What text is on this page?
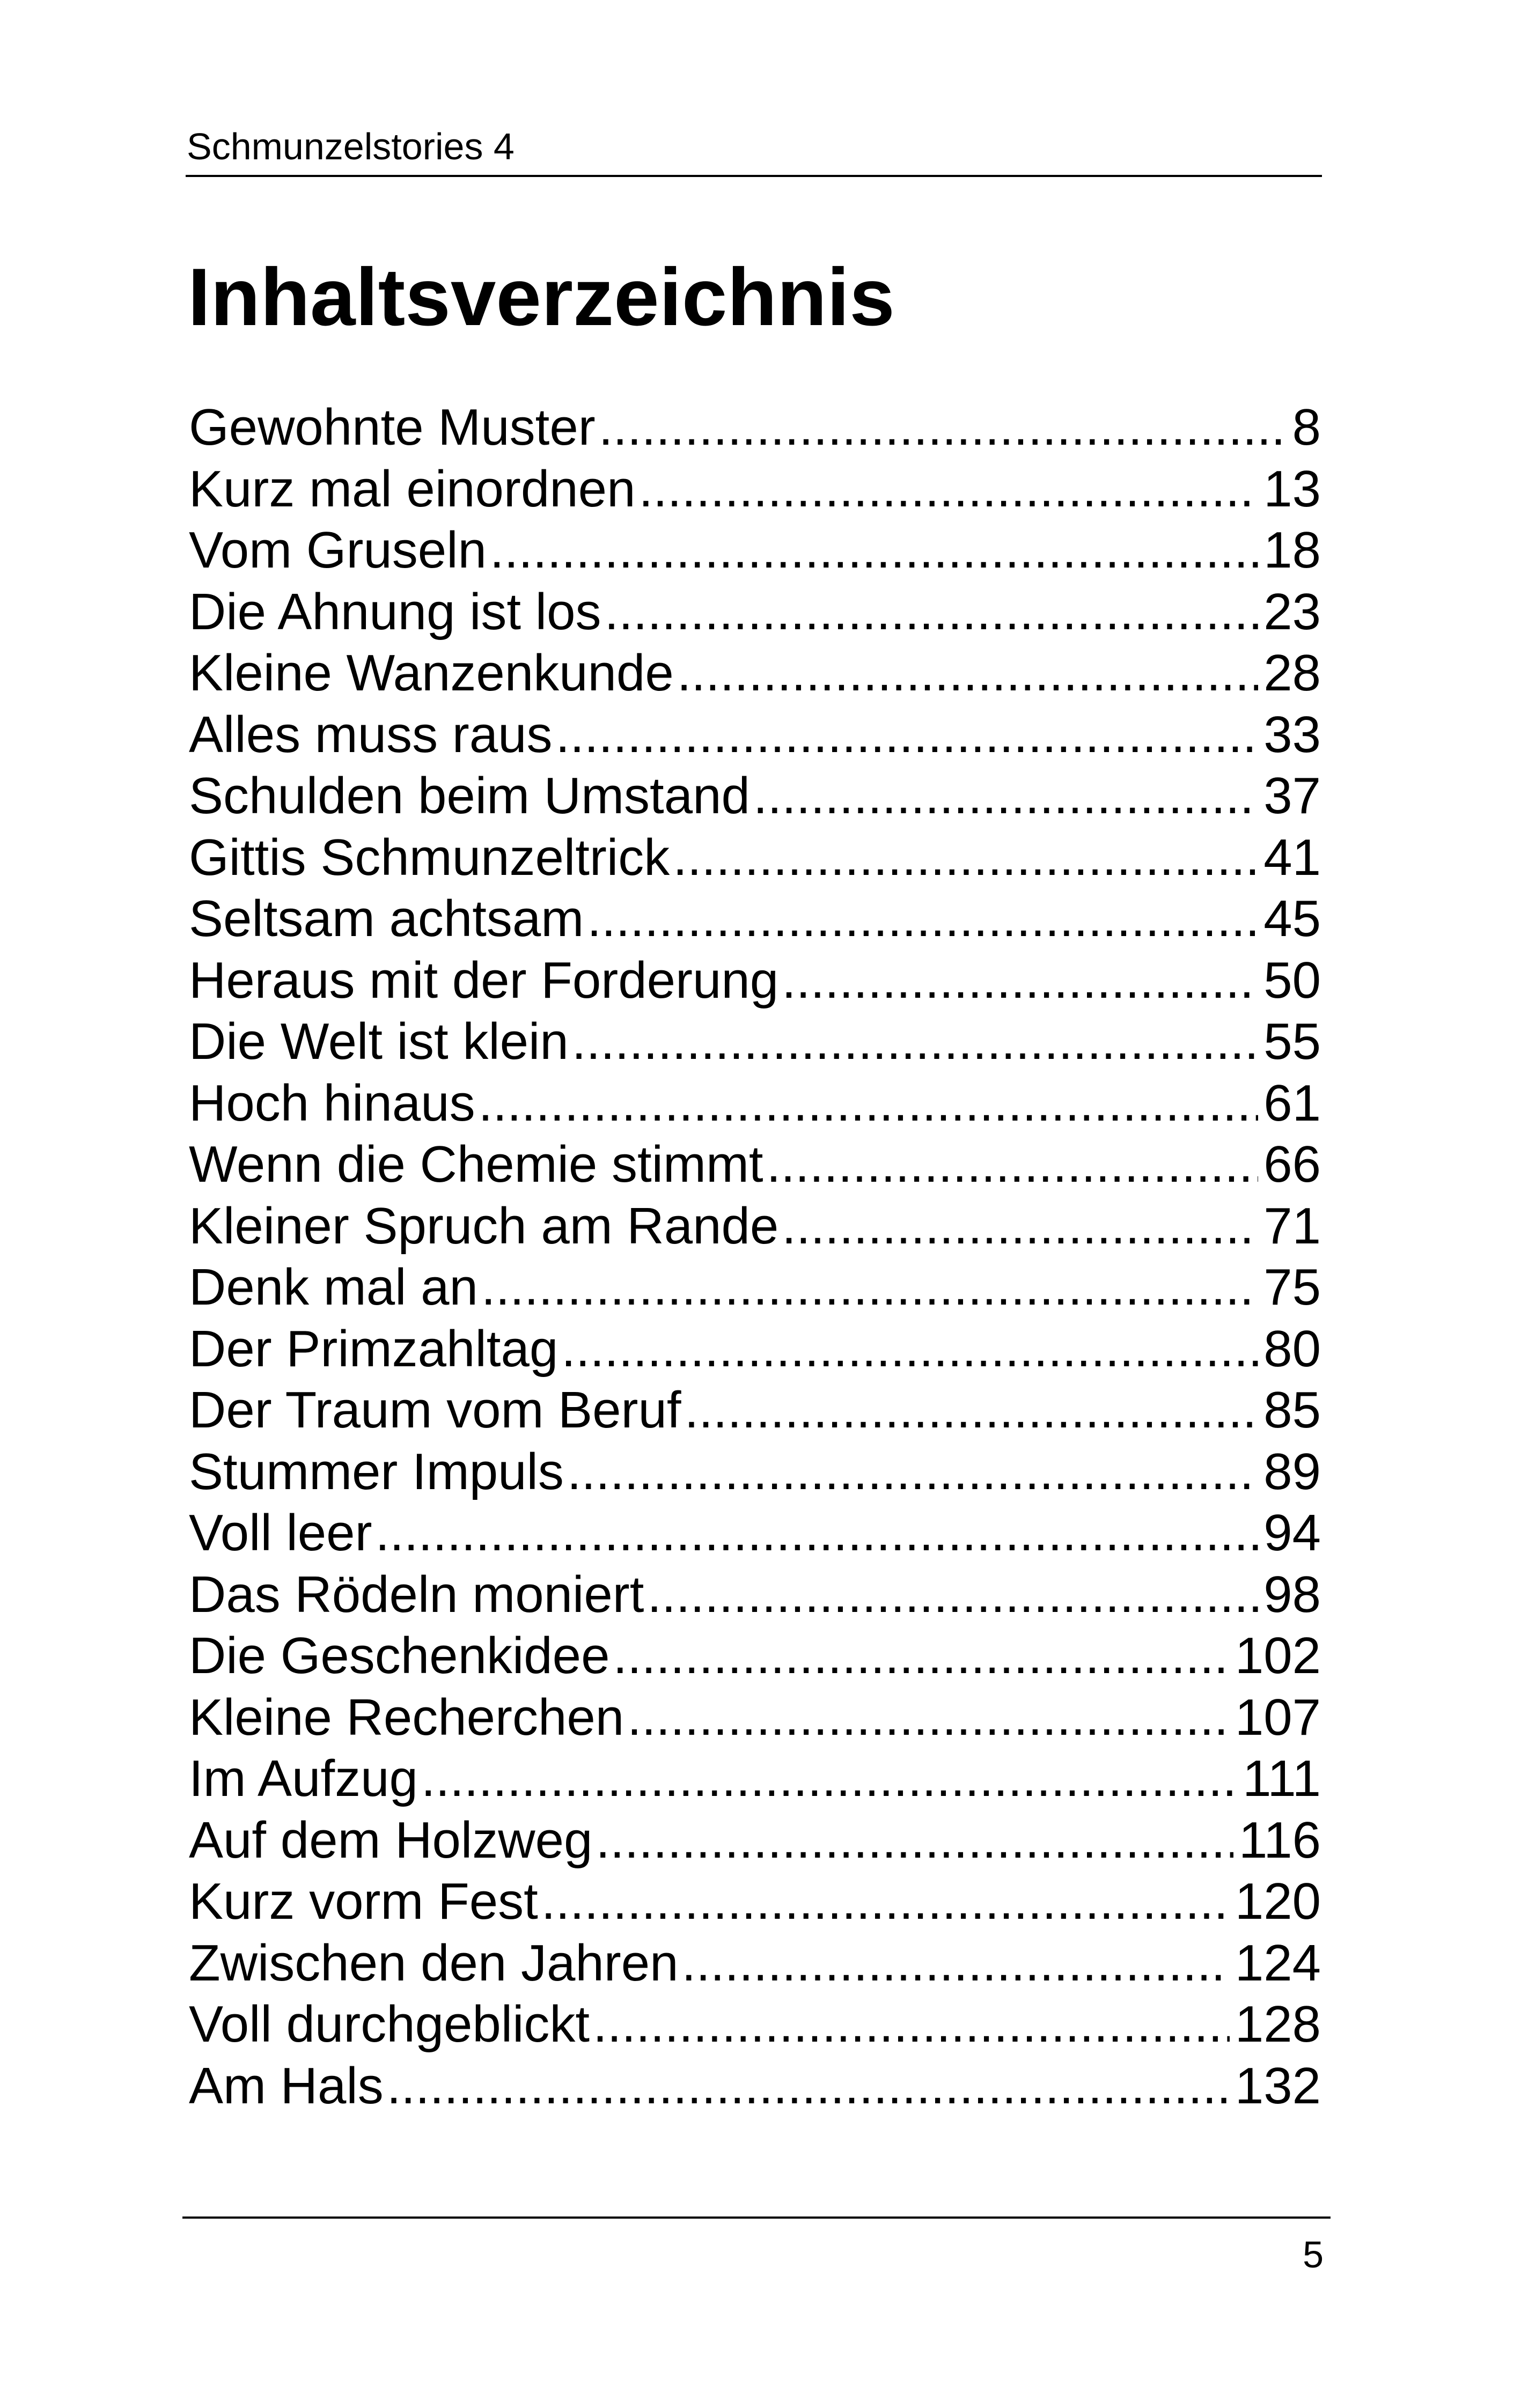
Schmunzelstories 4
Inhaltsverzeichnis
Gewohnte Muster .....	8
Kurz mal einordnen .....	13
Vom Gruseln .....	18
Die Ahnung ist los .....	23
Kleine Wanzenkunde .....	28
Alles muss raus .....	33
Schulden beim Umstand .....	37
Gittis Schmunzeltrick .....	41
Seltsam achtsam .....	45
Heraus mit der Forderung .....	50
Die Welt ist klein .....	55
Hoch hinaus .....	61
Wenn die Chemie stimmt .....	66
Kleiner Spruch am Rande .....	71
Denk mal an .....	75
Der Primzahltag .....	80
Der Traum vom Beruf .....	85
Stummer Impuls .....	89
Voll leer .....	94
Das Rödeln moniert .....	98
Die Geschenkidee .....	102
Kleine Recherchen .....	107
Im Aufzug .....	111
Auf dem Holzweg .....	116
Kurz vorm Fest .....	120
Zwischen den Jahren .....	124
Voll durchgeblickt .....	128
Am Hals .....	132
5
